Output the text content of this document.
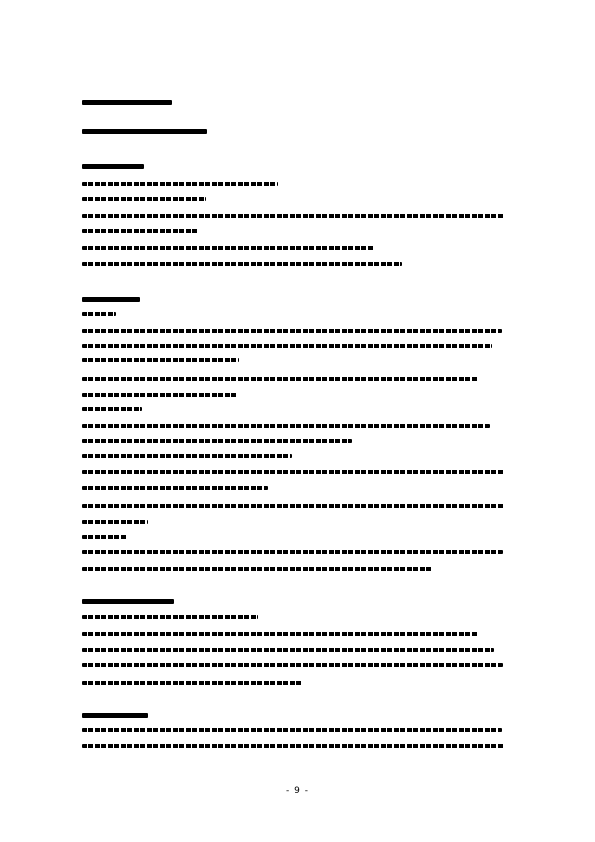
- 9 -
